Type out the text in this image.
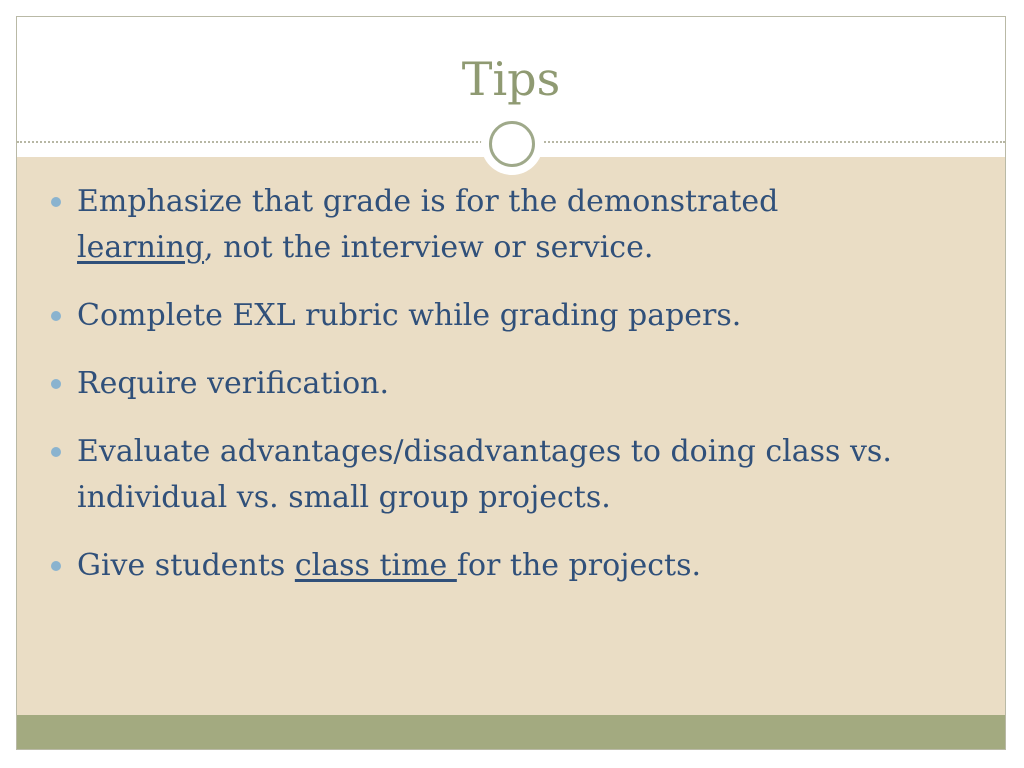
Tips
Emphasize that grade is for the demonstrated
learning, not the interview or service.
Complete EXL rubric while grading papers.
Require verification.
Evaluate advantages/disadvantages to doing class vs.
individual vs. small group projects.
Give students class time for the projects.
